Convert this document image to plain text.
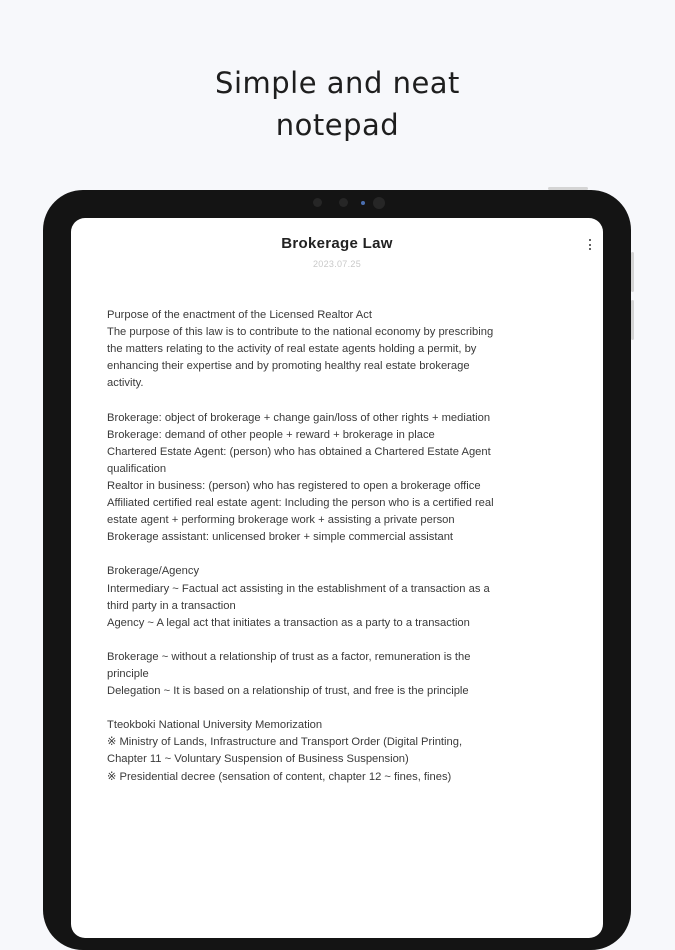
Simple and neat
notepad
Brokerage Law
2023.07.25
Purpose of the enactment of the Licensed Realtor Act
The purpose of this law is to contribute to the national economy by prescribing
the matters relating to the activity of real estate agents holding a permit, by
enhancing their expertise and by promoting healthy real estate brokerage
activity.
Brokerage: object of brokerage + change gain/loss of other rights + mediation
Brokerage: demand of other people + reward + brokerage in place
Chartered Estate Agent: (person) who has obtained a Chartered Estate Agent
qualification
Realtor in business: (person) who has registered to open a brokerage office
Affiliated certified real estate agent: Including the person who is a certified real
estate agent + performing brokerage work + assisting a private person
Brokerage assistant: unlicensed broker + simple commercial assistant
Brokerage/Agency
Intermediary ~ Factual act assisting in the establishment of a transaction as a
third party in a transaction
Agency ~ A legal act that initiates a transaction as a party to a transaction
Brokerage ~ without a relationship of trust as a factor, remuneration is the
principle
Delegation ~ It is based on a relationship of trust, and free is the principle
Tteokboki National University Memorization
※ Ministry of Lands, Infrastructure and Transport Order (Digital Printing,
Chapter 11 ~ Voluntary Suspension of Business Suspension)
※ Presidential decree (sensation of content, chapter 12 ~ fines, fines)
